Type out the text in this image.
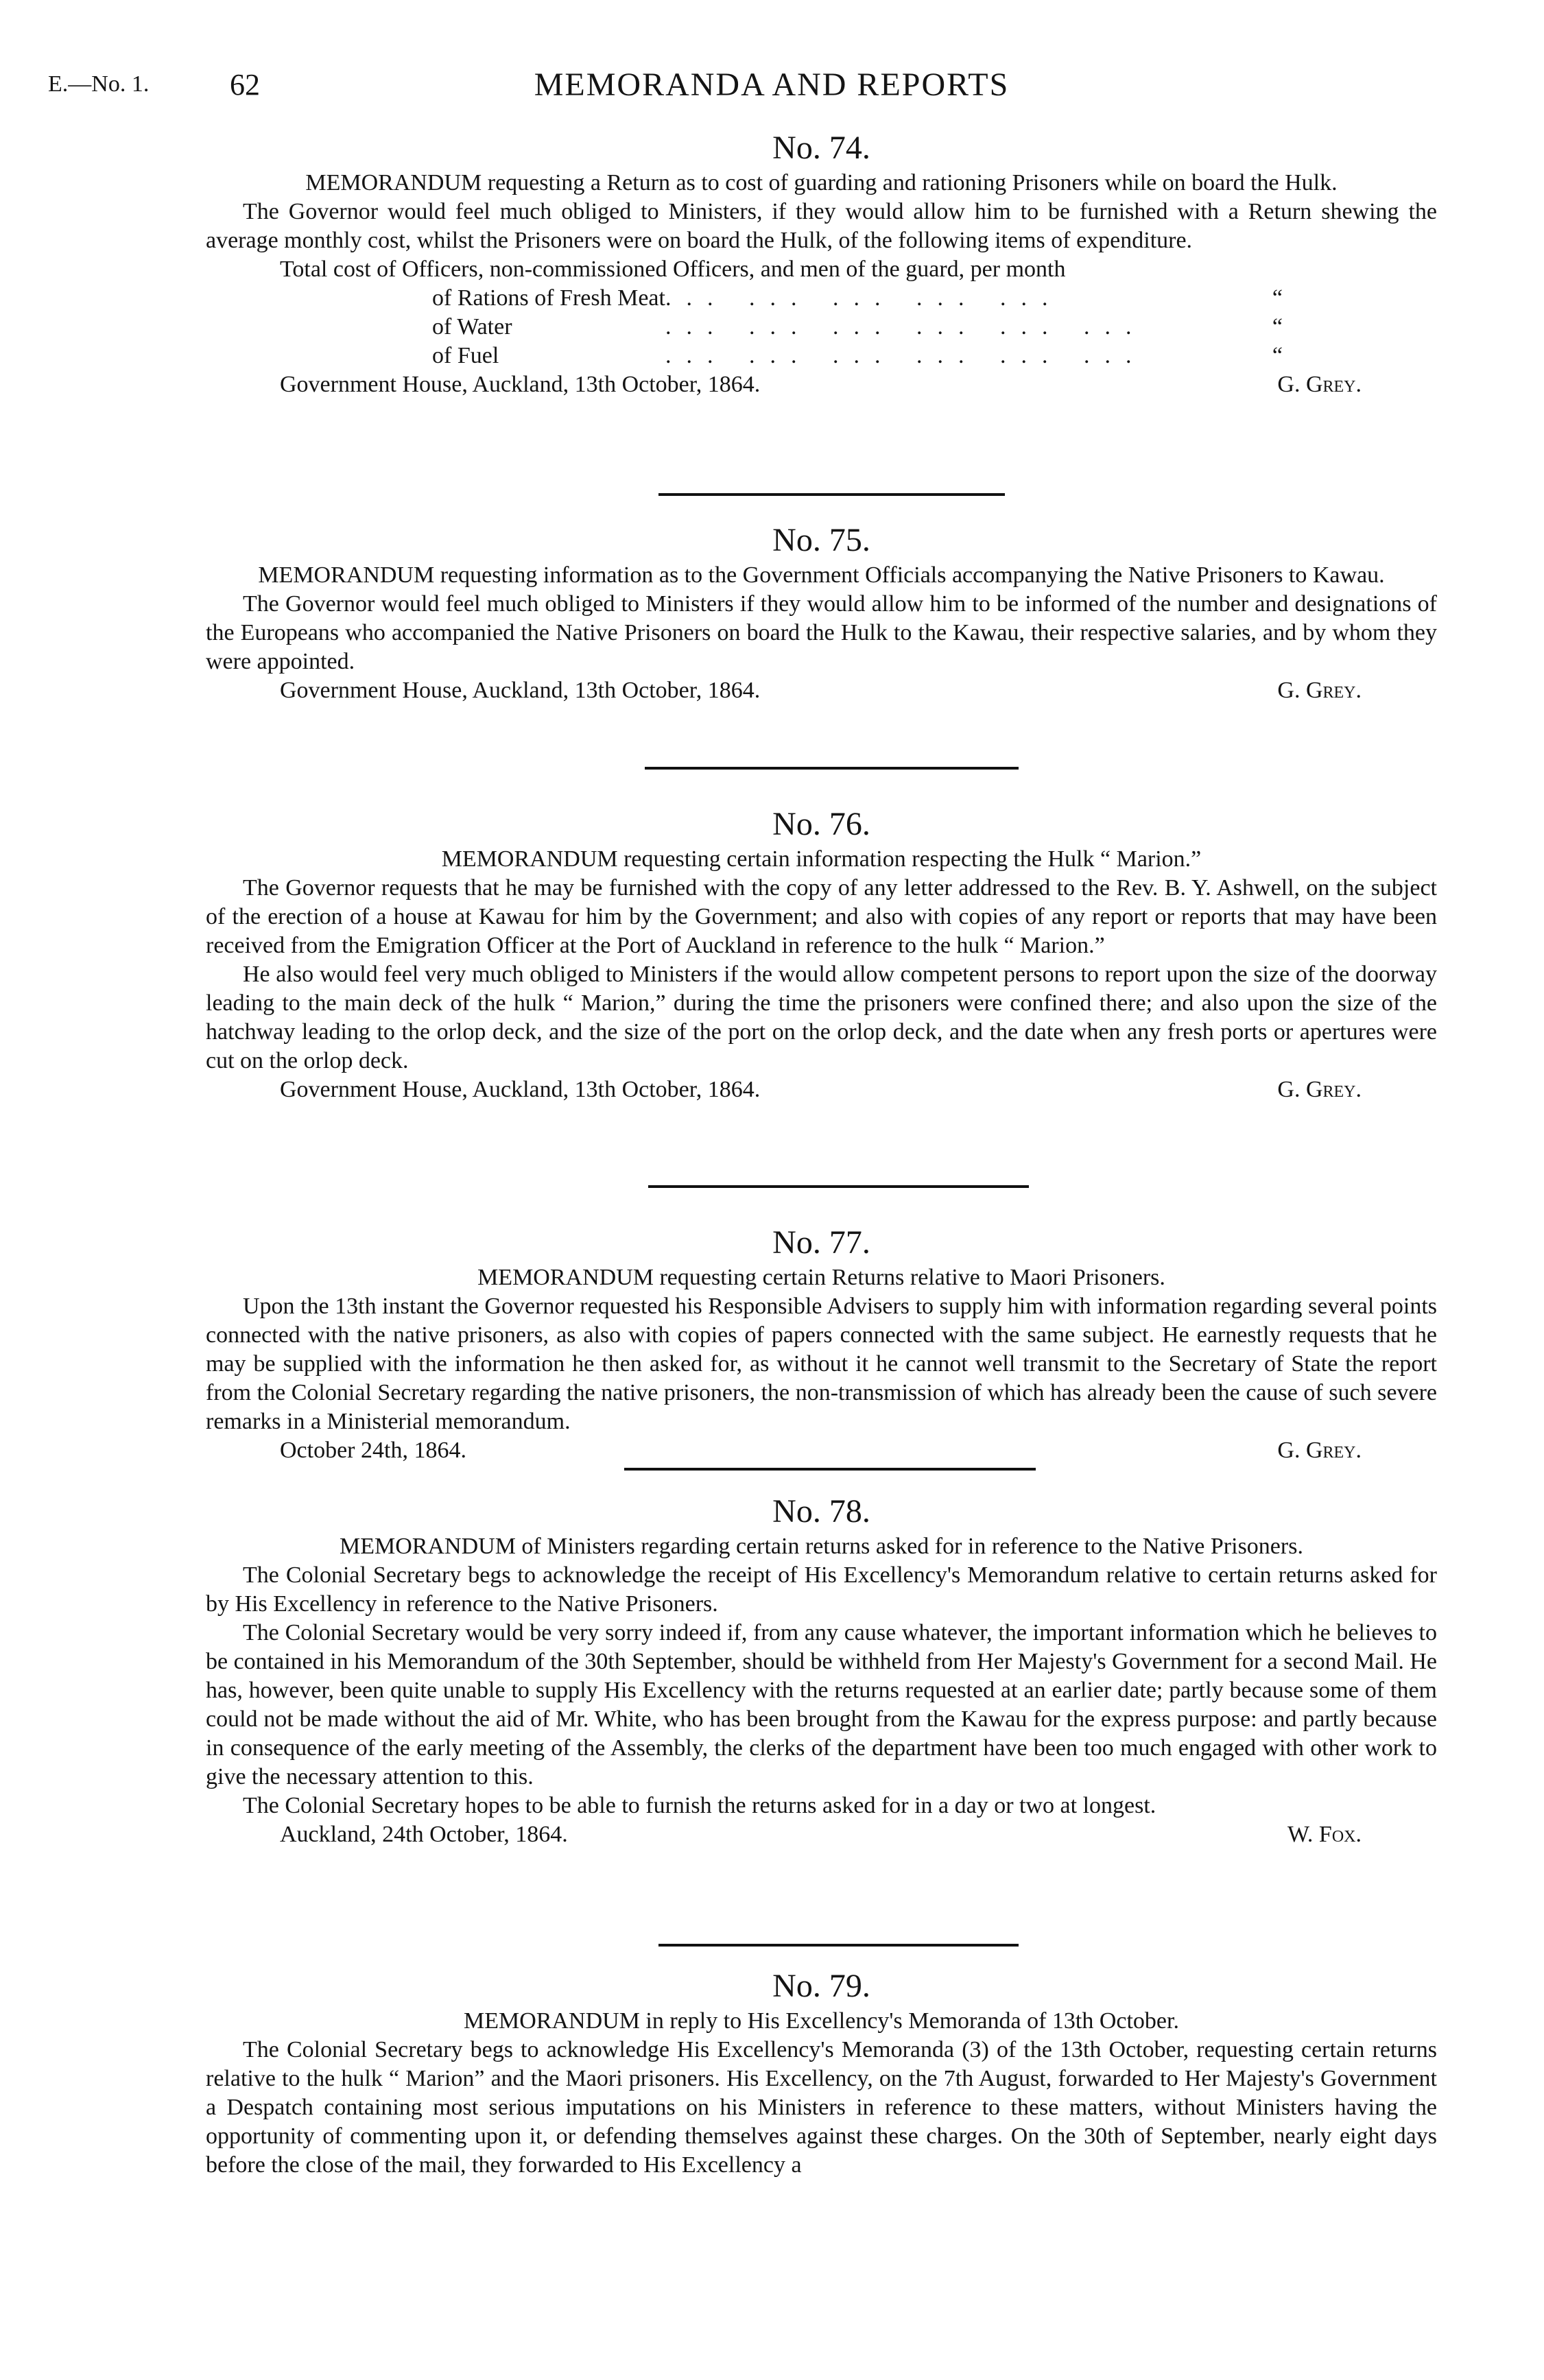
E.—No. 1.	62	MEMORANDA AND REPORTS
No. 74.

MEMORANDUM requesting a Return as to cost of guarding and rationing Prisoners while on board the Hulk.

The Governor would feel much obliged to Ministers, if they would allow him to be furnished with a Return shewing the average monthly cost, whilst the Prisoners were on board the Hulk, of the following items of expenditure.

Total cost of Officers, non-commissioned Officers, and men of the guard, per month
of Rations of Fresh Meat	... ... ... ... ...	“
of Water	... ... ... ... ... ...	“
of Fuel	... ... ... ... ... ...	“
Government House, Auckland, 13th October, 1864.	G. Grey.
No. 75.

MEMORANDUM requesting information as to the Government Officials accompanying the Native Prisoners to Kawau.

The Governor would feel much obliged to Ministers if they would allow him to be informed of the number and designations of the Europeans who accompanied the Native Prisoners on board the Hulk to the Kawau, their respective salaries, and by whom they were appointed.

Government House, Auckland, 13th October, 1864.	G. Grey.
No. 76.

MEMORANDUM requesting certain information respecting the Hulk “ Marion.”

The Governor requests that he may be furnished with the copy of any letter addressed to the Rev. B. Y. Ashwell, on the subject of the erection of a house at Kawau for him by the Government; and also with copies of any report or reports that may have been received from the Emigration Officer at the Port of Auckland in reference to the hulk “ Marion.”

He also would feel very much obliged to Ministers if the would allow competent persons to report upon the size of the doorway leading to the main deck of the hulk “ Marion,” during the time the prisoners were confined there; and also upon the size of the hatchway leading to the orlop deck, and the size of the port on the orlop deck, and the date when any fresh ports or apertures were cut on the orlop deck.

Government House, Auckland, 13th October, 1864.	G. Grey.
No. 77.

MEMORANDUM requesting certain Returns relative to Maori Prisoners.

Upon the 13th instant the Governor requested his Responsible Advisers to supply him with information regarding several points connected with the native prisoners, as also with copies of papers connected with the same subject. He earnestly requests that he may be supplied with the information he then asked for, as without it he cannot well transmit to the Secretary of State the report from the Colonial Secretary regarding the native prisoners, the non-transmission of which has already been the cause of such severe remarks in a Ministerial memorandum.

October 24th, 1864.	G. Grey.
No. 78.

MEMORANDUM of Ministers regarding certain returns asked for in reference to the Native Prisoners.

The Colonial Secretary begs to acknowledge the receipt of His Excellency's Memorandum relative to certain returns asked for by His Excellency in reference to the Native Prisoners.

The Colonial Secretary would be very sorry indeed if, from any cause whatever, the important information which he believes to be contained in his Memorandum of the 30th September, should be withheld from Her Majesty's Government for a second Mail. He has, however, been quite unable to supply His Excellency with the returns requested at an earlier date; partly because some of them could not be made without the aid of Mr. White, who has been brought from the Kawau for the express purpose: and partly because in consequence of the early meeting of the Assembly, the clerks of the department have been too much engaged with other work to give the necessary attention to this.

The Colonial Secretary hopes to be able to furnish the returns asked for in a day or two at longest.

Auckland, 24th October, 1864.	W. Fox.
No. 79.

MEMORANDUM in reply to His Excellency's Memoranda of 13th October.

The Colonial Secretary begs to acknowledge His Excellency's Memoranda (3) of the 13th October, requesting certain returns relative to the hulk “ Marion” and the Maori prisoners. His Excellency, on the 7th August, forwarded to Her Majesty's Government a Despatch containing most serious imputations on his Ministers in reference to these matters, without Ministers having the opportunity of commenting upon it, or defending themselves against these charges. On the 30th of September, nearly eight days before the close of the mail, they forwarded to His Excellency a
